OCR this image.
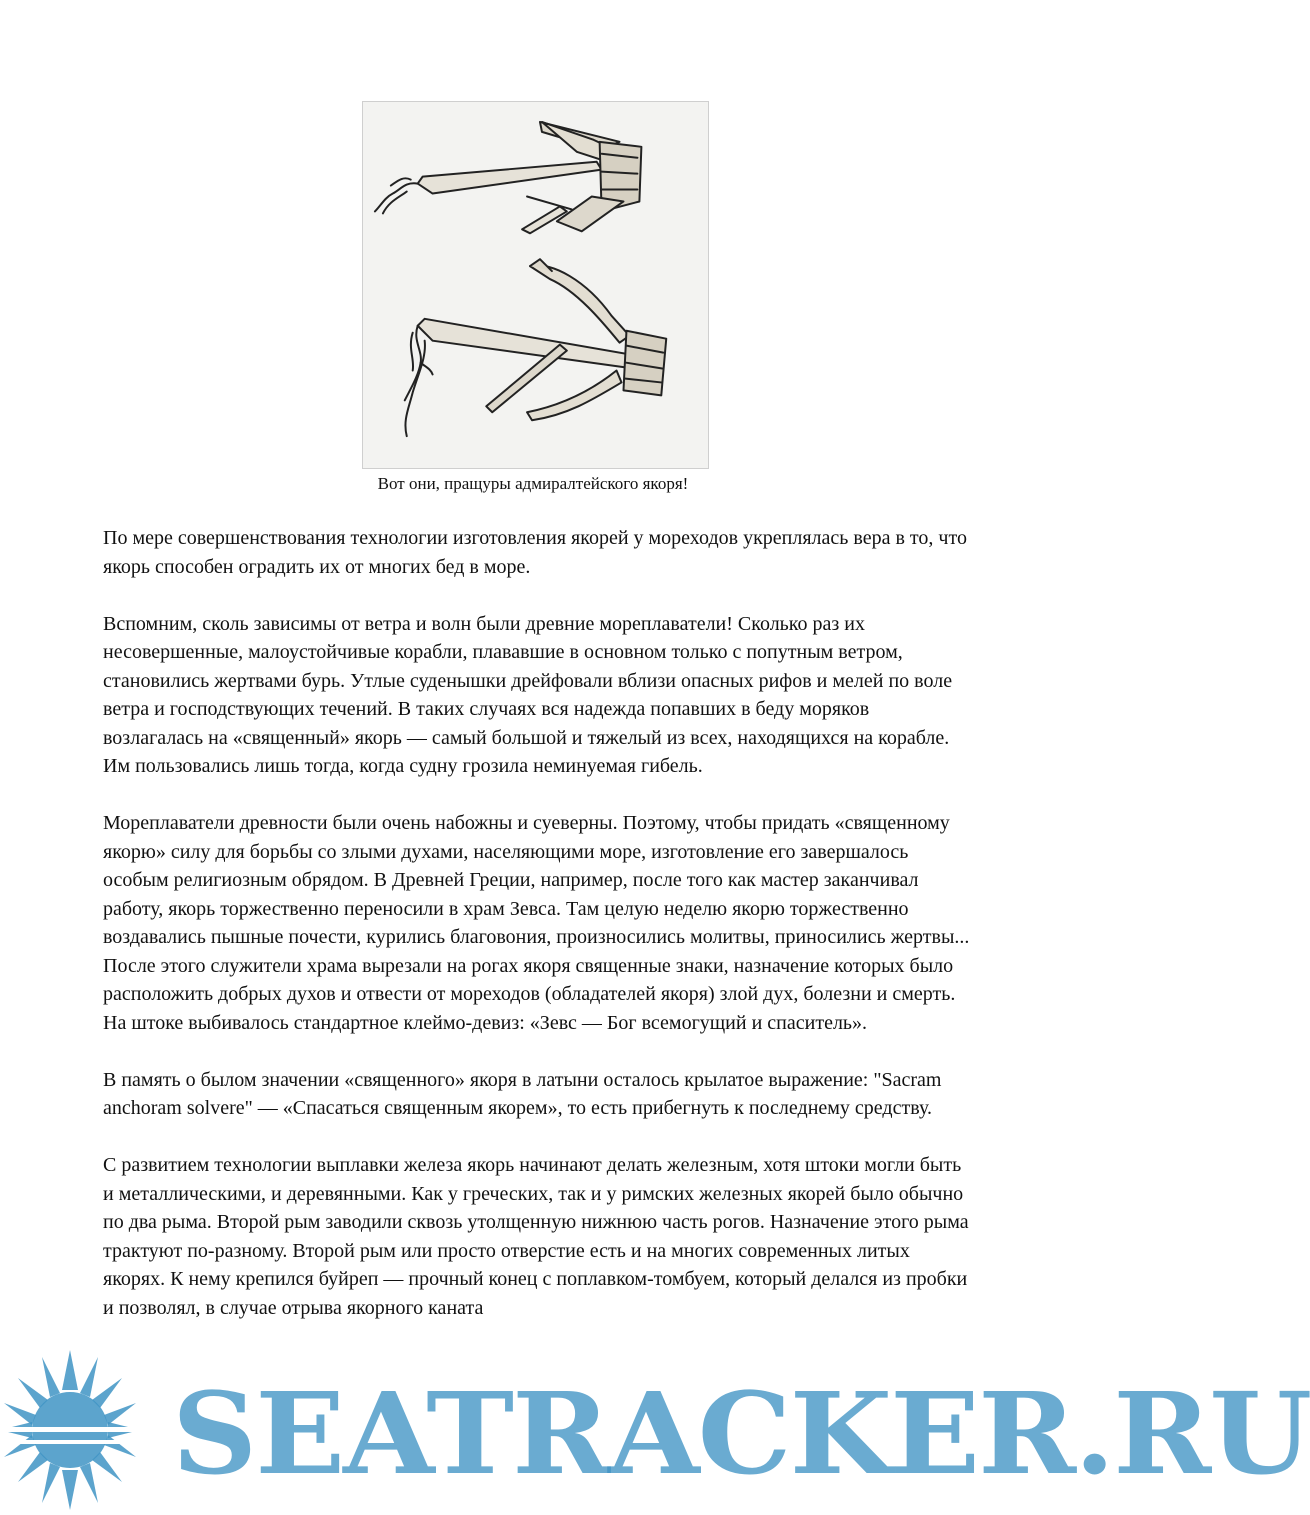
Вот они, пращуры адмиралтейского якоря!

По мере совершенствования технологии изготовления якорей у мореходов укреплялась вера в то, что якорь способен оградить их от многих бед в море.

Вспомним, сколь зависимы от ветра и волн были древние мореплаватели! Сколько раз их несовершенные, малоустойчивые корабли, плававшие в основном только с попутным ветром, становились жертвами бурь. Утлые суденышки дрейфовали вблизи опасных рифов и мелей по воле ветра и господствующих течений. В таких случаях вся надежда попавших в беду моряков возлагалась на «священный» якорь — самый большой и тяжелый из всех, находящихся на корабле. Им пользовались лишь тогда, когда судну грозила неминуемая гибель.

Мореплаватели древности были очень набожны и суеверны. Поэтому, чтобы придать «священному якорю» силу для борьбы со злыми духами, населяющими море, изготовление его завершалось особым религиозным обрядом. В Древней Греции, например, после того как мастер заканчивал работу, якорь торжественно переносили в храм Зевса. Там целую неделю якорю торжественно воздавались пышные почести, курились благовония, произносились молитвы, приносились жертвы... После этого служители храма вырезали на рогах якоря священные знаки, назначение которых было расположить добрых духов и отвести от мореходов (обладателей якоря) злой дух, болезни и смерть. На штоке выбивалось стандартное клеймо-девиз: «Зевс — Бог всемогущий и спаситель».

В память о былом значении «священного» якоря в латыни осталось крылатое выражение: "Sacram anchoram solvere" — «Спасаться священным якорем», то есть прибегнуть к последнему средству.

С развитием технологии выплавки железа якорь начинают делать железным, хотя штоки могли быть и металлическими, и деревянными. Как у греческих, так и у римских железных якорей было обычно по два рыма. Второй рым заводили сквозь утолщенную нижнюю часть рогов. Назначение этого рыма трактуют по-разному. Второй рым или просто отверстие есть и на многих современных литых якорях. К нему крепился буйреп — прочный конец с поплавком-томбуем, который делался из пробки и позволял, в случае отрыва якорного каната

SEATRACKER.RU
